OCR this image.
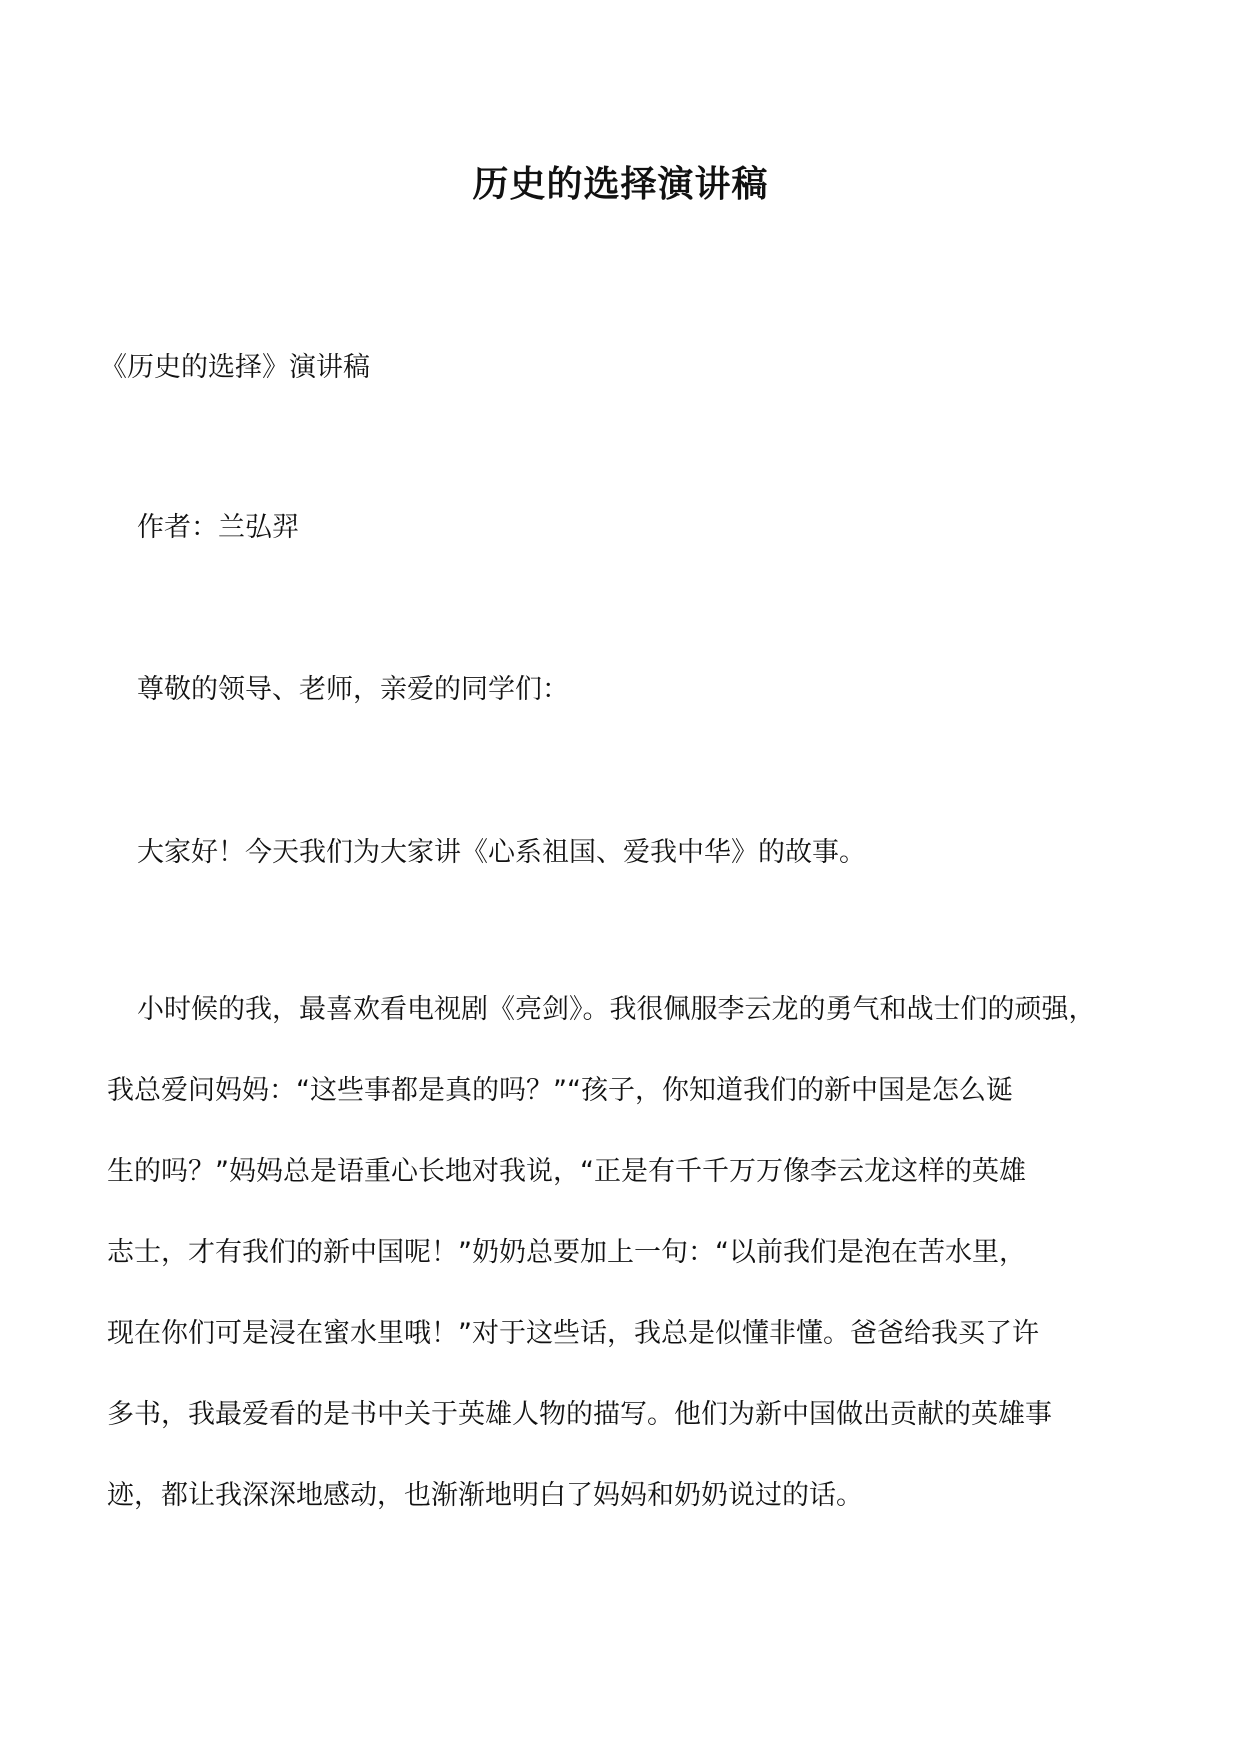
历史的选择演讲稿
《历史的选择》演讲稿
作者：兰弘羿
尊敬的领导、老师，亲爱的同学们：
大家好！今天我们为大家讲《心系祖国、爱我中华》的故事。
小时候的我，最喜欢看电视剧《亮剑》。我很佩服李云龙的勇气和战士们的顽强，
我总爱问妈妈：“这些事都是真的吗？”“孩子，你知道我们的新中国是怎么诞
生的吗？”妈妈总是语重心长地对我说，“正是有千千万万像李云龙这样的英雄
志士，才有我们的新中国呢！”奶奶总要加上一句：“以前我们是泡在苦水里，
现在你们可是浸在蜜水里哦！”对于这些话，我总是似懂非懂。爸爸给我买了许
多书，我最爱看的是书中关于英雄人物的描写。他们为新中国做出贡献的英雄事
迹，都让我深深地感动，也渐渐地明白了妈妈和奶奶说过的话。
